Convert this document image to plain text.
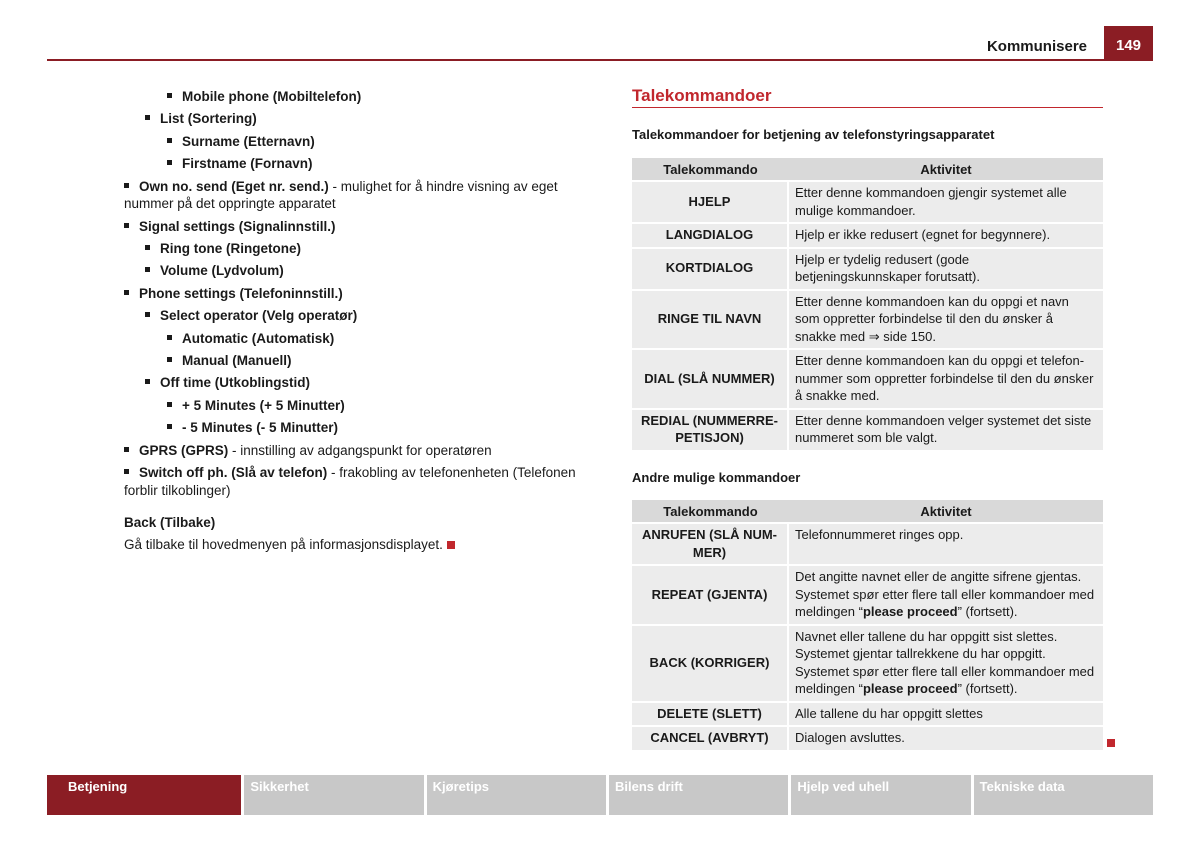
Kommunisere	149
Mobile phone (Mobiltelefon)
List (Sortering)
Surname (Etternavn)
Firstname (Fornavn)
Own no. send (Eget nr. send.) - mulighet for å hindre visning av eget nummer på det oppringte apparatet
Signal settings (Signalinnstill.)
Ring tone (Ringetone)
Volume (Lydvolum)
Phone settings (Telefoninnstill.)
Select operator (Velg operatør)
Automatic (Automatisk)
Manual (Manuell)
Off time (Utkoblingstid)
+ 5 Minutes (+ 5 Minutter)
- 5 Minutes (- 5 Minutter)
GPRS (GPRS) - innstilling av adgangspunkt for operatøren
Switch off ph. (Slå av telefon) - frakobling av telefonenheten (Telefonen forblir tilkoblinger)
Back (Tilbake)
Gå tilbake til hovedmenyen på informasjonsdisplayet.
Talekommandoer
Talekommandoer for betjening av telefonstyringsapparatet
Talekommando	Aktivitet
HJELP	Etter denne kommandoen gjengir systemet alle mulige kommandoer.
LANGDIALOG	Hjelp er ikke redusert (egnet for begynnere).
KORTDIALOG	Hjelp er tydelig redusert (gode betjeningskunnskaper forutsatt).
RINGE TIL NAVN	Etter denne kommandoen kan du oppgi et navn som oppretter forbindelse til den du ønsker å snakke med ⇒ side 150.
DIAL (SLÅ NUMMER)	Etter denne kommandoen kan du oppgi et telefon-nummer som oppretter forbindelse til den du ønsker å snakke med.
REDIAL (NUMMERRE-PETISJON)	Etter denne kommandoen velger systemet det siste nummeret som ble valgt.
Andre mulige kommandoer
Talekommando	Aktivitet
ANRUFEN (SLÅ NUM-MER)	Telefonnummeret ringes opp.
REPEAT (GJENTA)	Det angitte navnet eller de angitte sifrene gjentas. Systemet spør etter flere tall eller kommandoer med meldingen “please proceed” (fortsett).
BACK (KORRIGER)	Navnet eller tallene du har oppgitt sist slettes. Systemet gjentar tallrekkene du har oppgitt. Systemet spør etter flere tall eller kommandoer med meldingen “please proceed” (fortsett).
DELETE (SLETT)	Alle tallene du har oppgitt slettes
CANCEL (AVBRYT)	Dialogen avsluttes.
Betjening	Sikkerhet	Kjøretips	Bilens drift	Hjelp ved uhell	Tekniske data
